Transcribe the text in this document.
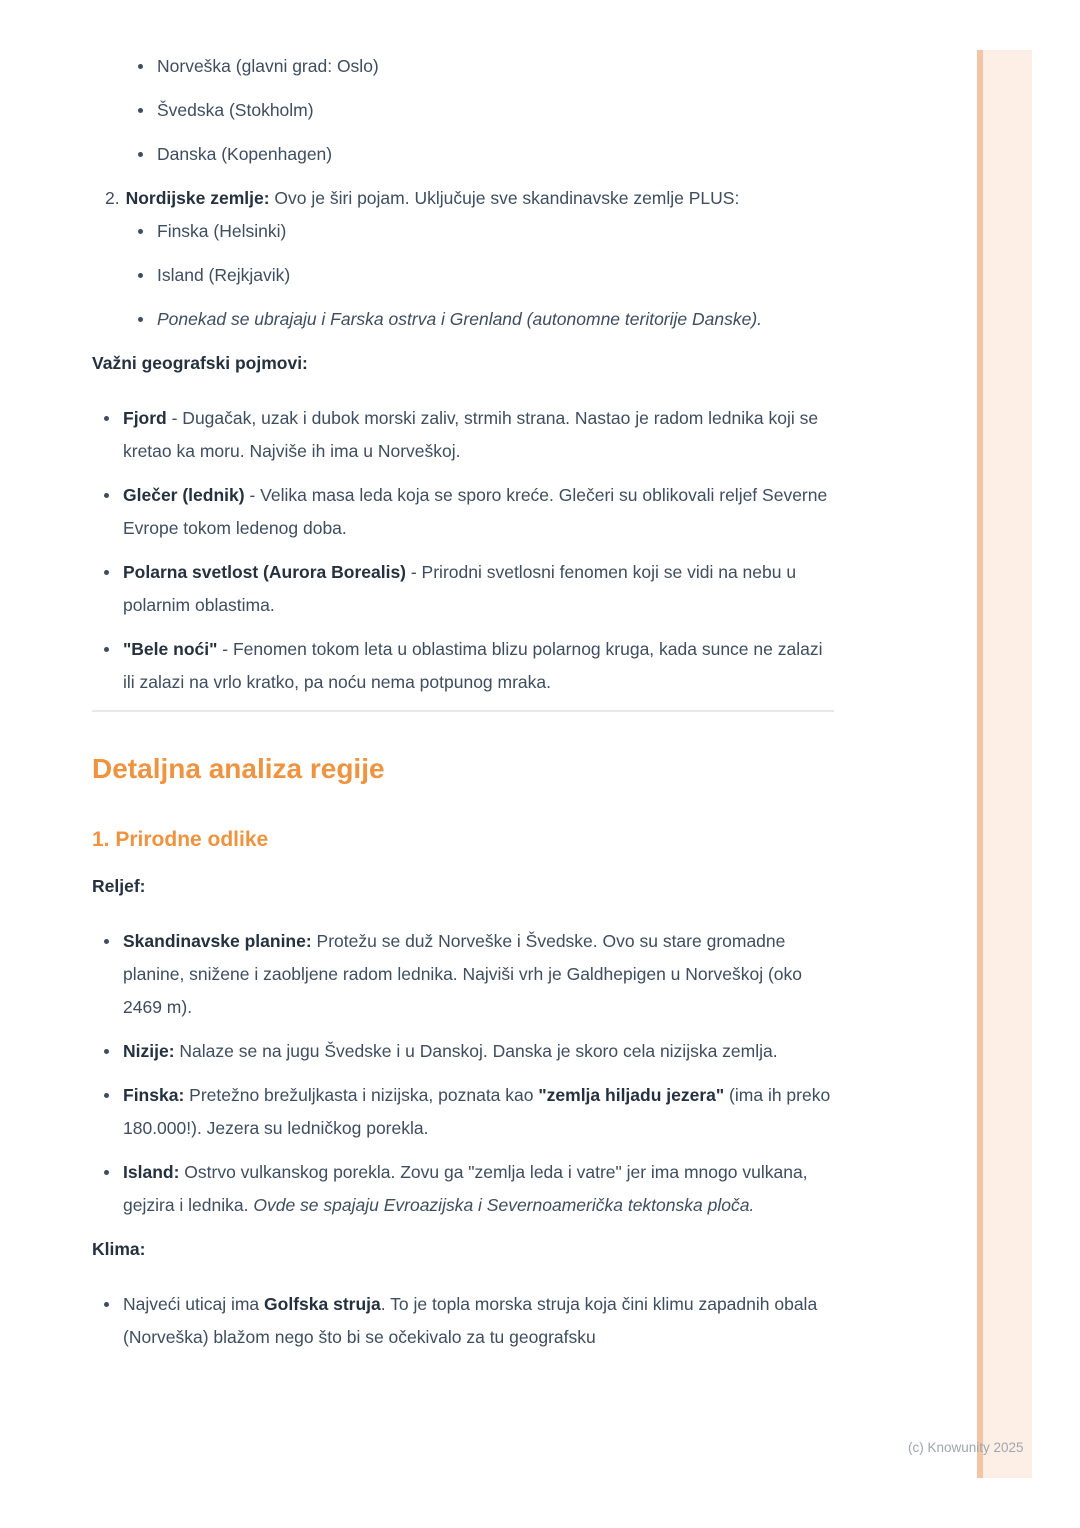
(c) Knowunity 2025
Norveška (glavni grad: Oslo)
Švedska (Stokholm)
Danska (Kopenhagen)

2. Nordijske zemlje: Ovo je širi pojam. Uključuje sve skandinavske zemlje PLUS:

Finska (Helsinki)
Island (Rejkjavik)
Ponekad se ubrajaju i Farska ostrva i Grenland (autonomne teritorije Danske).

Važni geografski pojmovi:

Fjord - Dugačak, uzak i dubok morski zaliv, strmih strana. Nastao je radom lednika koji se kretao ka moru. Najviše ih ima u Norveškoj.
Glečer (lednik) - Velika masa leda koja se sporo kreće. Glečeri su oblikovali reljef Severne Evrope tokom ledenog doba.
Polarna svetlost (Aurora Borealis) - Prirodni svetlosni fenomen koji se vidi na nebu u polarnim oblastima.
"Bele noći" - Fenomen tokom leta u oblastima blizu polarnog kruga, kada sunce ne zalazi ili zalazi na vrlo kratko, pa noću nema potpunog mraka.
Detaljna analiza regije
1. Prirodne odlike

Reljef:

Skandinavske planine: Protežu se duž Norveške i Švedske. Ovo su stare gromadne planine, snižene i zaobljene radom lednika. Najviši vrh je Galdhepigen u Norveškoj (oko 2469 m).
Nizije: Nalaze se na jugu Švedske i u Danskoj. Danska je skoro cela nizijska zemlja.
Finska: Pretežno brežuljkasta i nizijska, poznata kao "zemlja hiljadu jezera" (ima ih preko 180.000!). Jezera su ledničkog porekla.
Island: Ostrvo vulkanskog porekla. Zovu ga "zemlja leda i vatre" jer ima mnogo vulkana, gejzira i lednika. Ovde se spajaju Evroazijska i Severnoamerička tektonska ploča.

Klima:

Najveći uticaj ima Golfska struja. To je topla morska struja koja čini klimu zapadnih obala (Norveška) blažom nego što bi se očekivalo za tu geografsku
